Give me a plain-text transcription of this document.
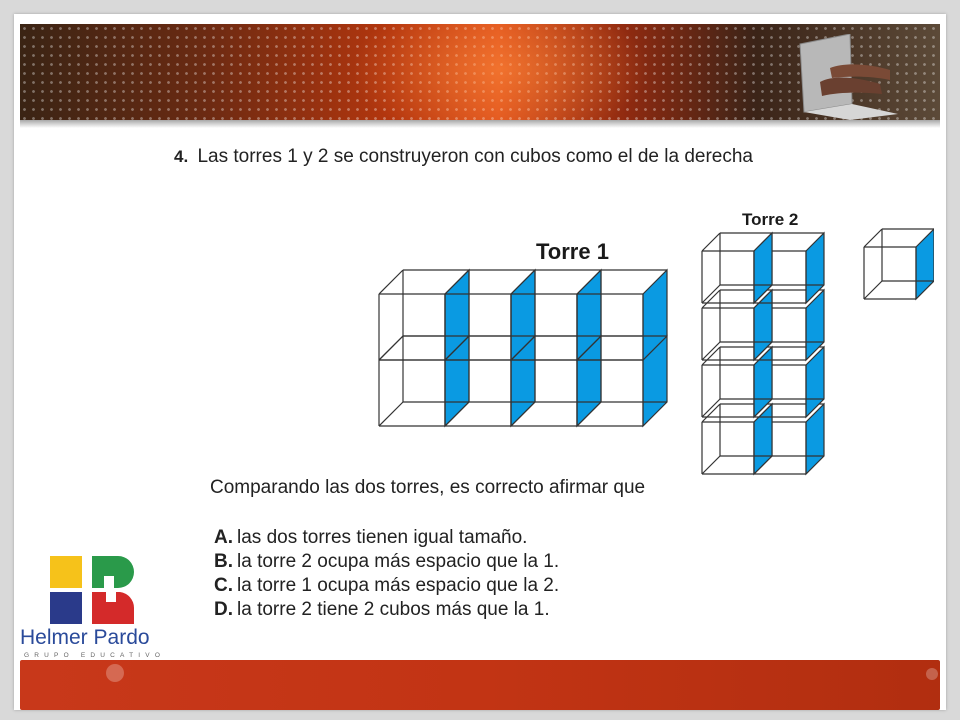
4. Las torres 1 y 2 se construyeron con cubos como el de la derecha
Torre 1
Torre 2
Comparando las dos torres, es correcto afirmar que
A. las dos torres tienen igual tamaño.
B. la torre 2 ocupa más espacio que la 1.
C. la torre 1 ocupa más espacio que la 2.
D. la torre 2 tiene 2 cubos más que la 1.
Helmer Pardo
GRUPO EDUCATIVO
